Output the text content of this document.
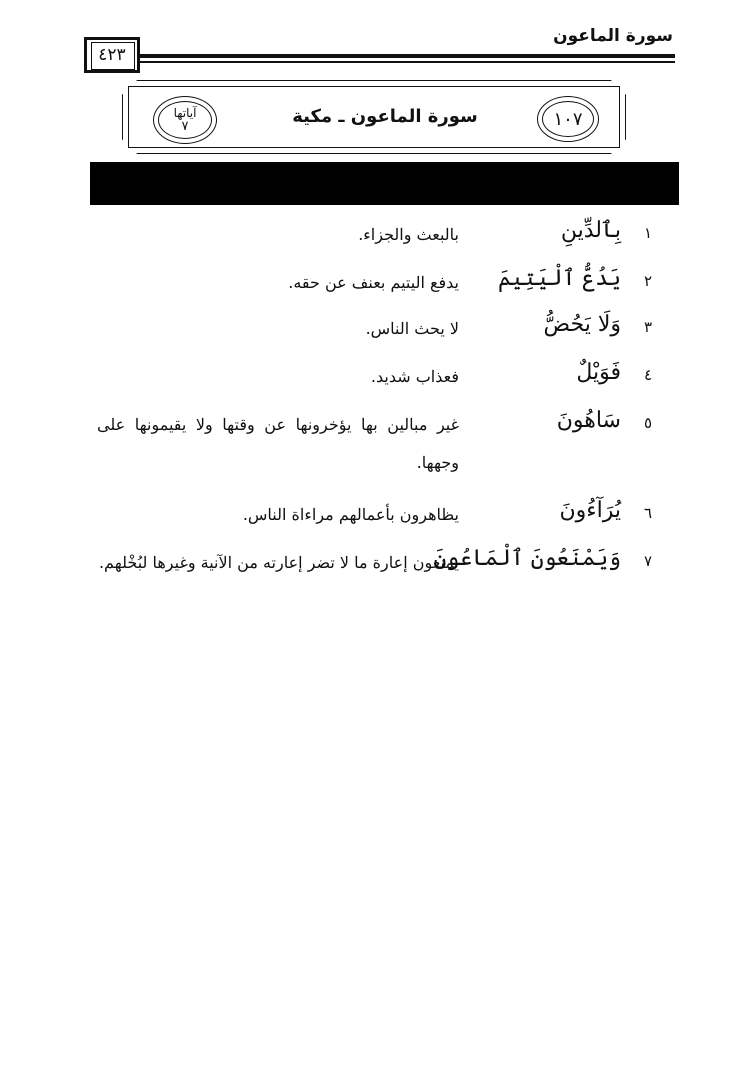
سورة الماعون
٤٢٣
آياتها
٧	سورة الماعون ـ مكية	١٠٧
١
بِٱلدِّينِ
بالبعث والجزاء.
٢
يَدُعُّ ٱلْيَتِيمَ
يدفع اليتيم بعنف عن حقه.
٣
وَلَا يَحُضُّ
لا يحث الناس.
٤
فَوَيْلٌ
فعذاب شديد.
٥
سَاهُونَ
غير مبالين بها يؤخرونها عن وقتها ولا يقيمونها على وجهها.
٦
يُرَآءُونَ
يظاهرون بأعمالهم مراءاة الناس.
٧
وَيَمْنَعُونَ ٱلْمَاعُونَ
يمنعون إعارة ما لا تضر إعارته من الآنية وغيرها لبُخْلهم.
